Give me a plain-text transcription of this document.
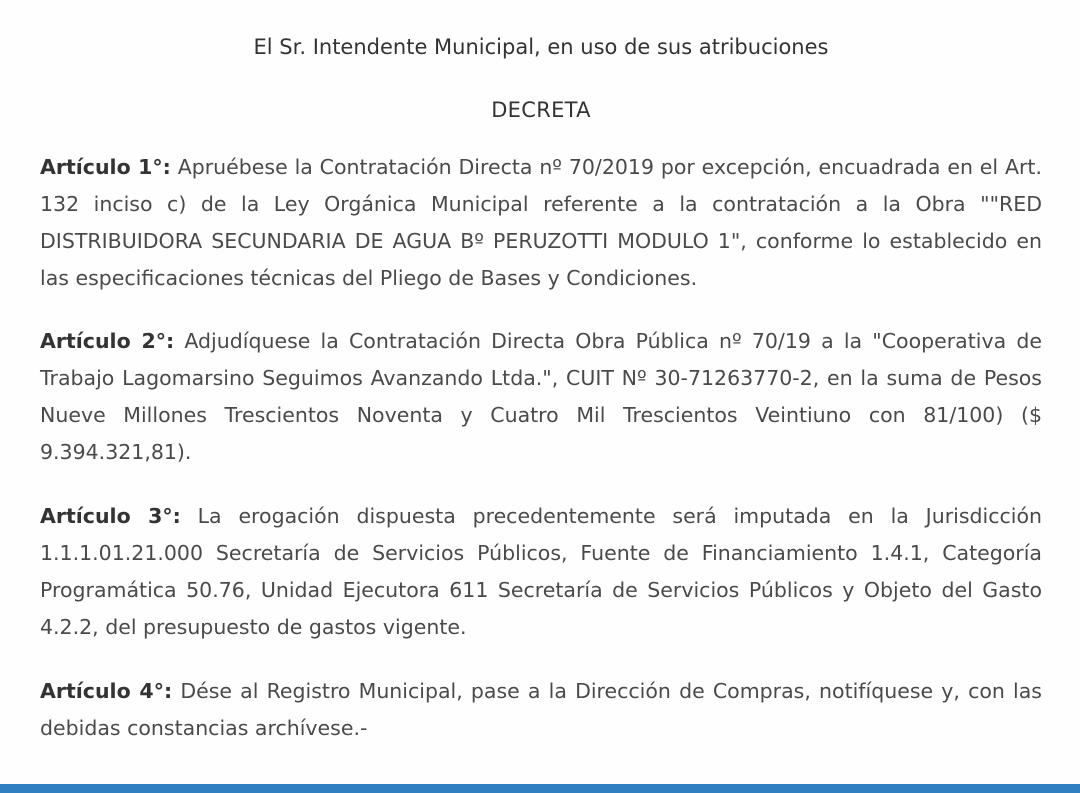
El Sr. Intendente Municipal, en uso de sus atribuciones

DECRETA

Artículo 1°: Apruébese la Contratación Directa nº 70/2019 por excepción, encuadrada en el Art. 132 inciso c) de la Ley Orgánica Municipal referente a la contratación a la Obra ""RED DISTRIBUIDORA SECUNDARIA DE AGUA Bº PERUZOTTI MODULO 1", conforme lo establecido en las especificaciones técnicas del Pliego de Bases y Condiciones.

Artículo 2°: Adjudíquese la Contratación Directa Obra Pública nº 70/19 a la "Cooperativa de Trabajo Lagomarsino Seguimos Avanzando Ltda.", CUIT Nº 30-71263770-2, en la suma de Pesos Nueve Millones Trescientos Noventa y Cuatro Mil Trescientos Veintiuno con 81/100) ($ 9.394.321,81).

Artículo 3°: La erogación dispuesta precedentemente será imputada en la Jurisdicción 1.1.1.01.21.000 Secretaría de Servicios Públicos, Fuente de Financiamiento 1.4.1, Categoría Programática 50.76, Unidad Ejecutora 611 Secretaría de Servicios Públicos y Objeto del Gasto 4.2.2, del presupuesto de gastos vigente.

Artículo 4°: Dése al Registro Municipal, pase a la Dirección de Compras, notifíquese y, con las debidas constancias archívese.-
